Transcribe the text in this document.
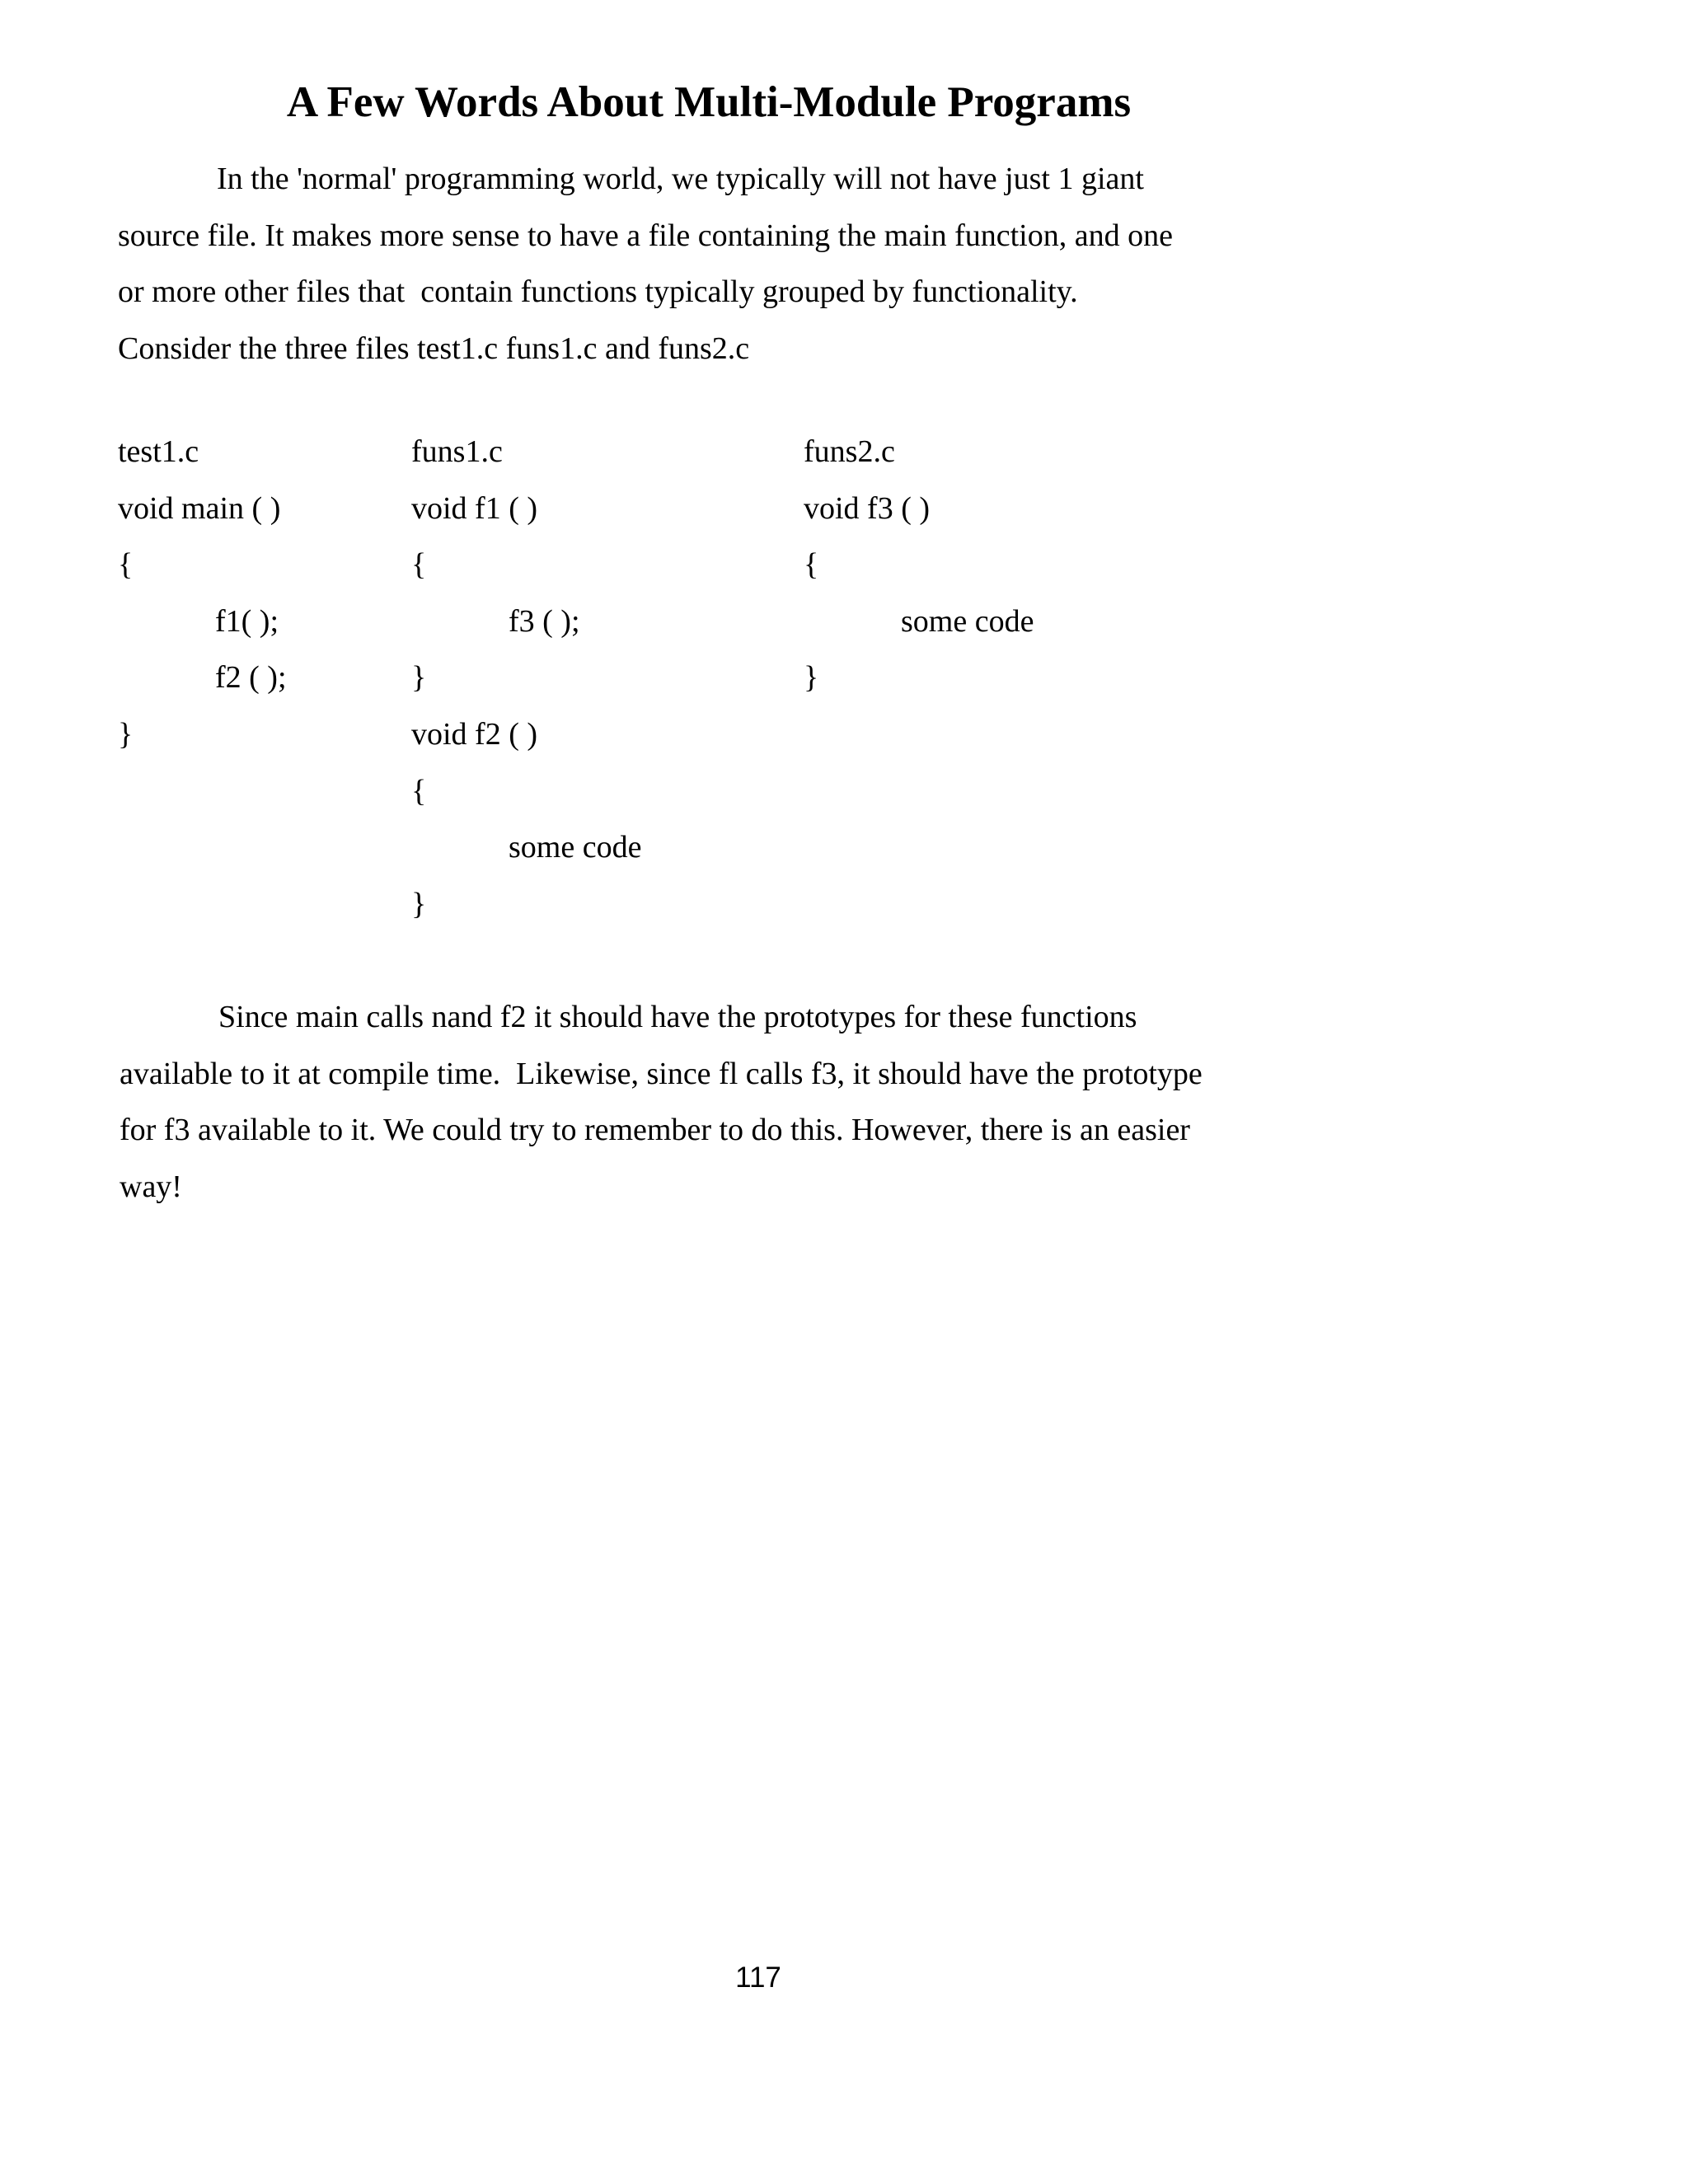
A Few Words About Multi-Module Programs
In the 'normal' programming world, we typically will not have just 1 giant
source file. It makes more sense to have a file containing the main function, and one
or more other files that  contain functions typically grouped by functionality.
Consider the three files test1.c funs1.c and funs2.c
test1.c
void main ( )
{
f1( );
f2 ( );
}
funs1.c
void f1 ( )
{
f3 ( );
}
void f2 ( )
{
some code
}
funs2.c
void f3 ( )
{
some code
}
Since main calls nand f2 it should have the prototypes for these functions
available to it at compile time.  Likewise, since fl calls f3, it should have the prototype
for f3 available to it. We could try to remember to do this. However, there is an easier
way!
117
